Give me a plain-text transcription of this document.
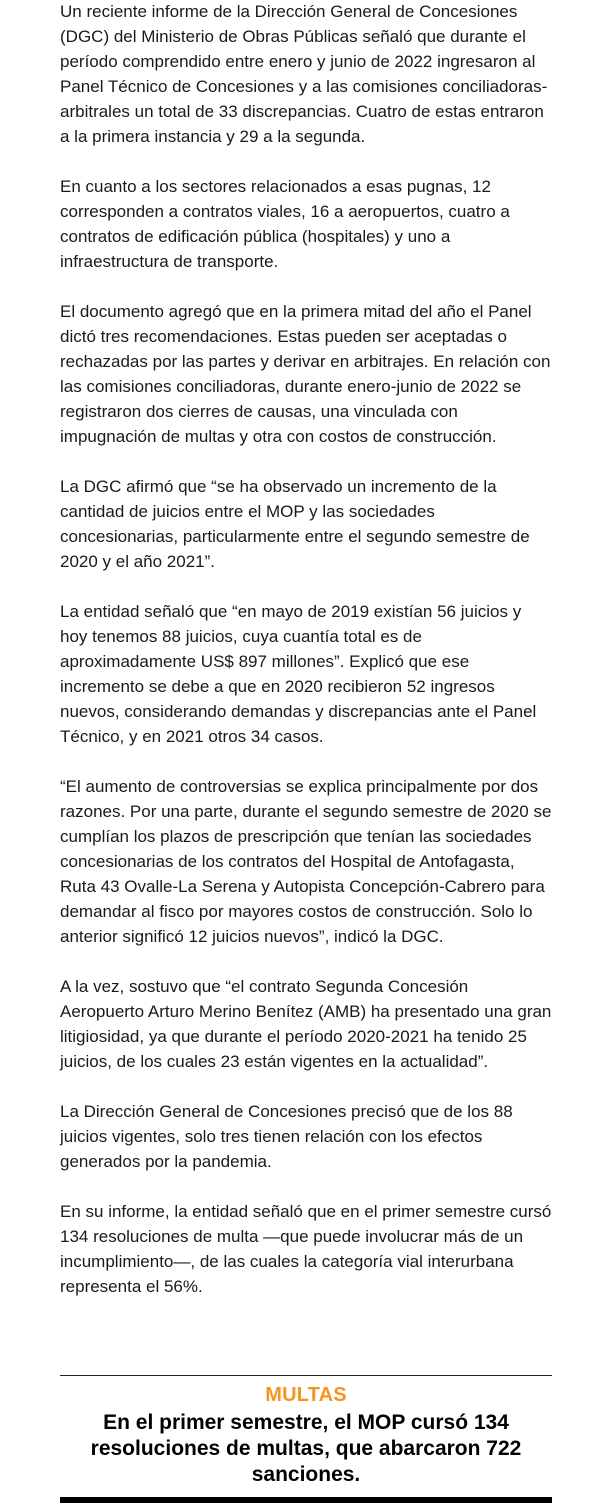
Un reciente informe de la Dirección General de Concesiones (DGC) del Ministerio de Obras Públicas señaló que durante el período comprendido entre enero y junio de 2022 ingresaron al Panel Técnico de Concesiones y a las comisiones conciliadoras-arbitrales un total de 33 discrepancias. Cuatro de estas entraron a la primera instancia y 29 a la segunda.

En cuanto a los sectores relacionados a esas pugnas, 12 corresponden a contratos viales, 16 a aeropuertos, cuatro a contratos de edificación pública (hospitales) y uno a infraestructura de transporte.

El documento agregó que en la primera mitad del año el Panel dictó tres recomendaciones. Estas pueden ser aceptadas o rechazadas por las partes y derivar en arbitrajes. En relación con las comisiones conciliadoras, durante enero-junio de 2022 se registraron dos cierres de causas, una vinculada con impugnación de multas y otra con costos de construcción.

La DGC afirmó que “se ha observado un incremento de la cantidad de juicios entre el MOP y las sociedades concesionarias, particularmente entre el segundo semestre de 2020 y el año 2021”.

La entidad señaló que “en mayo de 2019 existían 56 juicios y hoy tenemos 88 juicios, cuya cuantía total es de aproximadamente US$ 897 millones”. Explicó que ese incremento se debe a que en 2020 recibieron 52 ingresos nuevos, considerando demandas y discrepancias ante el Panel Técnico, y en 2021 otros 34 casos.

“El aumento de controversias se explica principalmente por dos razones. Por una parte, durante el segundo semestre de 2020 se cumplían los plazos de prescripción que tenían las sociedades concesionarias de los contratos del Hospital de Antofagasta, Ruta 43 Ovalle-La Serena y Autopista Concepción-Cabrero para demandar al fisco por mayores costos de construcción. Solo lo anterior significó 12 juicios nuevos”, indicó la DGC.

A la vez, sostuvo que “el contrato Segunda Concesión Aeropuerto Arturo Merino Benítez (AMB) ha presentado una gran litigiosidad, ya que durante el período 2020-2021 ha tenido 25 juicios, de los cuales 23 están vigentes en la actualidad”.

La Dirección General de Concesiones precisó que de los 88 juicios vigentes, solo tres tienen relación con los efectos generados por la pandemia.

En su informe, la entidad señaló que en el primer semestre cursó 134 resoluciones de multa —que puede involucrar más de un incumplimiento—, de las cuales la categoría vial interurbana representa el 56%.

MULTAS
En el primer semestre, el MOP cursó 134 resoluciones de multas, que abarcaron 722 sanciones.
